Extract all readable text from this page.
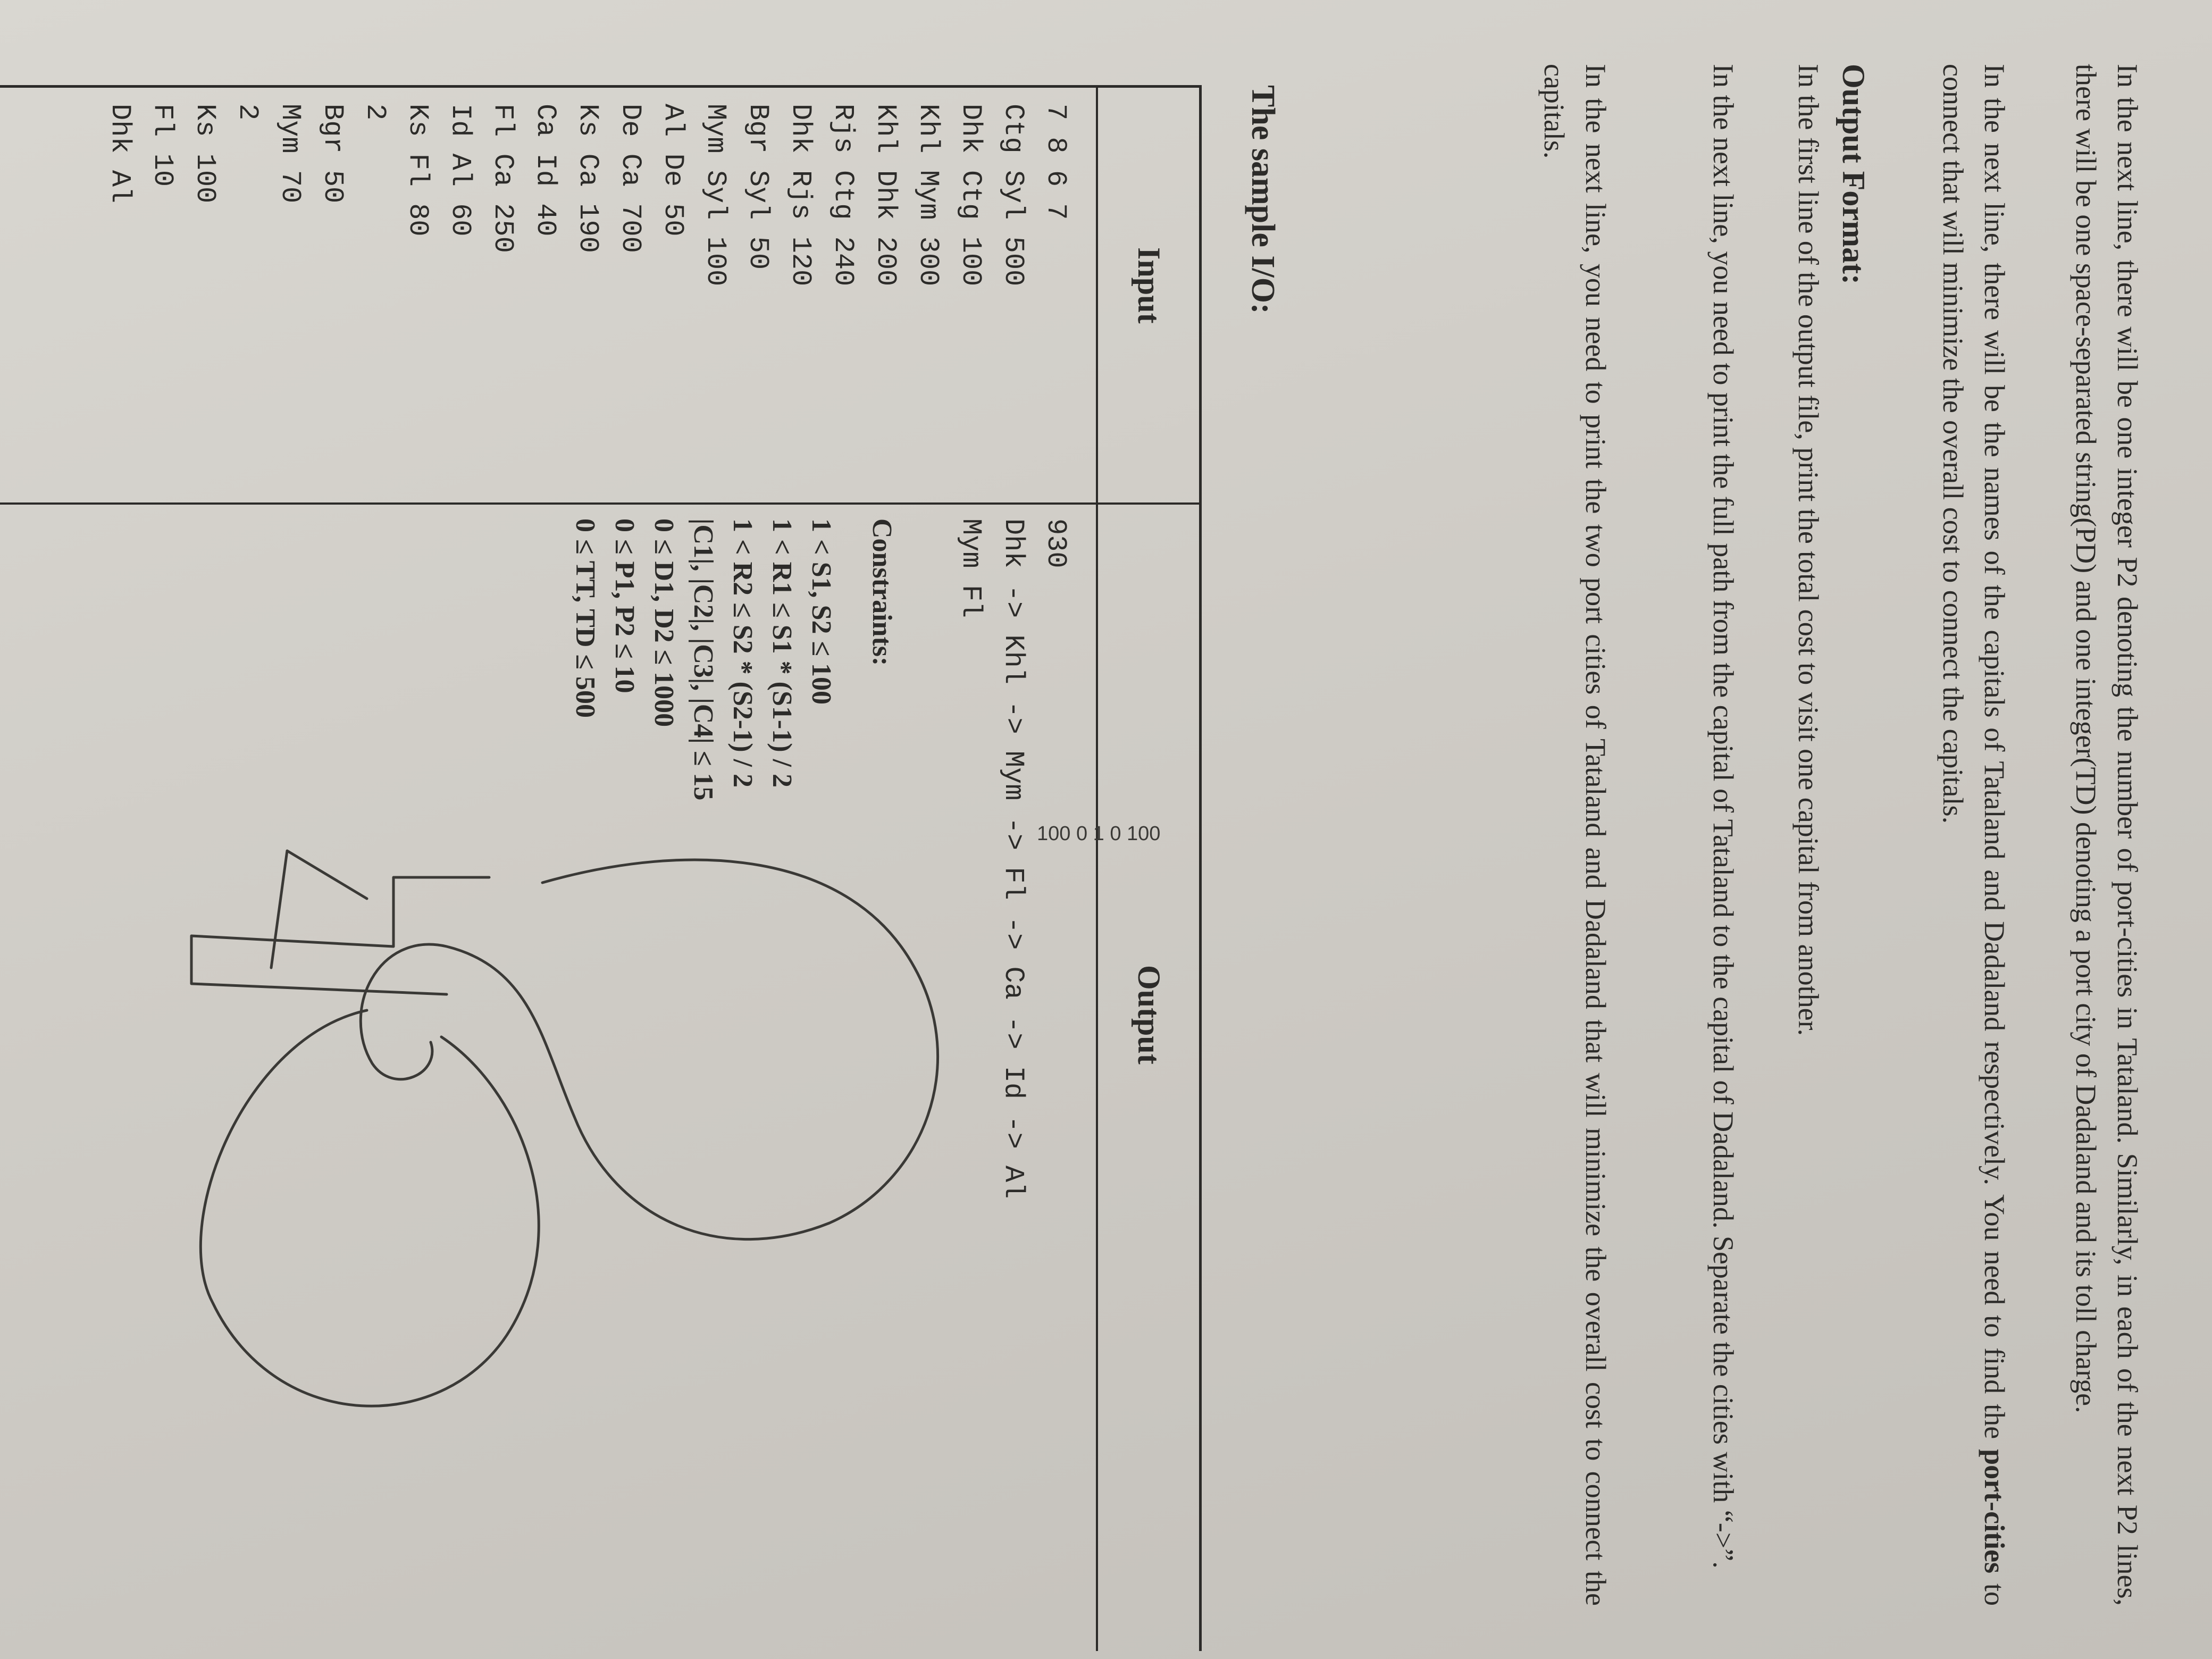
In the next line, there will be one integer P2 denoting the number of port-cities in Tataland. Similarly, in each of the next P2 lines, there will be one space-separated string(PD) and one integer(TD) denoting a port city of Dadaland and its toll charge.
In the next line, there will be the names of the capitals of Tataland and Dadaland respectively. You need to find the port-cities to connect that will minimize the overall cost to connect the capitals.
Output Format:
In the first line of the output file, print the total cost to visit one capital from another.
In the next line, you need to print the full path from the capital of Tataland to the capital of Dadaland. Separate the cities with “->”.
In the next line, you need to print the two port cities of Tataland and Dadaland that will minimize the overall cost to connect the capitals.
The sample I/O:
Input
Output
7 8 6 7
Ctg Syl 500
Dhk Ctg 100
Khl Mym 300
Khl Dhk 200
Rjs Ctg 240
Dhk Rjs 120
Bgr Syl 50
Mym Syl 100
Al De 50
De Ca 700
Ks Ca 190
Ca Id 40
Fl Ca 250
Id Al 60
Ks Fl 80
2
Bgr 50
Mym 70
2
Ks 100
Fl 10
Dhk Al
930
Dhk -> Khl -> Mym -> Fl -> Ca -> Id -> Al
Mym Fl
Constraints:
1 < S1, S2 ≤ 100
1 < R1 ≤ S1 * (S1-1) / 2
1 < R2 ≤ S2 * (S2-1) / 2
|C1|, |C2|, |C3|, |C4| ≤ 15
0 ≤ D1, D2 ≤ 1000
0 ≤ P1, P2 ≤ 10
0 ≤ TT, TD ≤ 500
100 0 1 0 100
